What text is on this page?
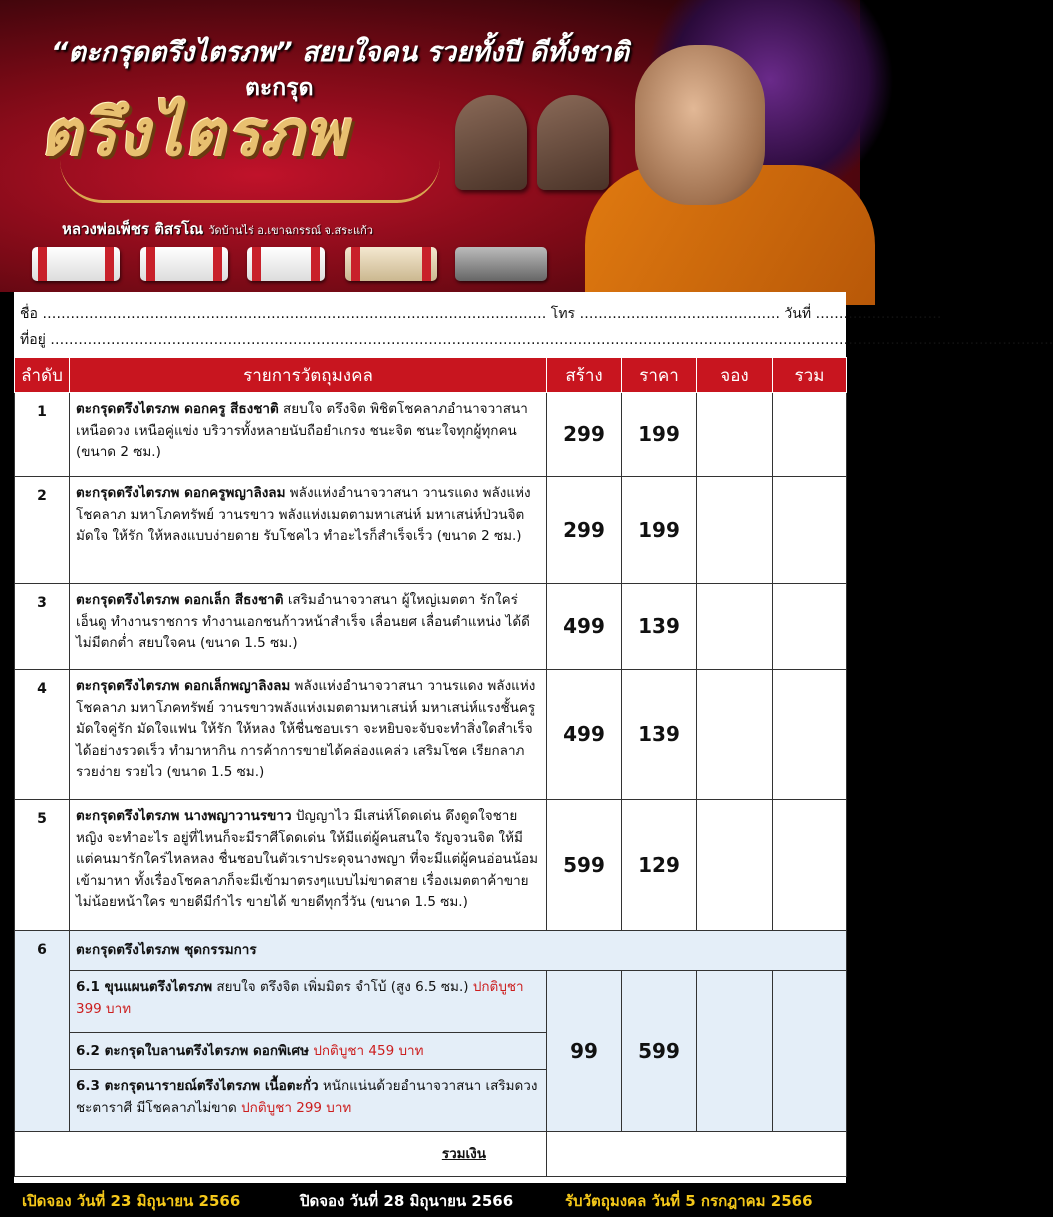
“ตะกรุดตรึงไตรภพ” สยบใจคน รวยทั้งปี ดีทั้งชาติ
ตะกรุด
ตรึงไตรภพ
หลวงพ่อเพ็ชร ติสรโณ วัดบ้านไร่ อ.เขาฉกรรณ์ จ.สระแก้ว
ชื่อ ……………………………………………………………………………………………… โทร ……………………………………. วันที่ ………………………
ที่อยู่ ……………………………………………………………………………………………………………………………………………………………………………………………..
ลำดับ	รายการวัตถุมงคล	สร้าง	ราคา	จอง	รวม
1	ตะกรุดตรึงไตรภพ ดอกครู สีธงชาติ สยบใจ ตรึงจิต พิชิตโชคลาภอำนาจวาสนาเหนือดวง เหนือคู่แข่ง บริวารทั้งหลายนับถือยำเกรง ชนะจิต ชนะใจทุกผู้ทุกคน (ขนาด 2 ซม.)	299	199		
2	ตะกรุดตรึงไตรภพ ดอกครูพญาลิงลม พลังแห่งอำนาจวาสนา วานรแดง พลังแห่งโชคลาภ มหาโภคทรัพย์ วานรขาว พลังแห่งเมตตามหาเสน่ห์ มหาเสน่ห์ป่วนจิต มัดใจ ให้รัก ให้หลงแบบง่ายดาย รับโชคไว ทำอะไรก็สำเร็จเร็ว (ขนาด 2 ซม.)	299	199		
3	ตะกรุดตรึงไตรภพ ดอกเล็ก สีธงชาติ เสริมอำนาจวาสนา ผู้ใหญ่เมตตา รักใคร่เอ็นดู ทำงานราชการ ทำงานเอกชนก้าวหน้าสำเร็จ เลื่อนยศ เลื่อนตำแหน่ง ได้ดีไม่มีตกต่ำ สยบใจคน (ขนาด 1.5 ซม.)	499	139		
4	ตะกรุดตรึงไตรภพ ดอกเล็กพญาลิงลม พลังแห่งอำนาจวาสนา วานรแดง พลังแห่งโชคลาภ มหาโภคทรัพย์ วานรขาวพลังแห่งเมตตามหาเสน่ห์ มหาเสน่ห์แรงชั้นครู มัดใจคู่รัก มัดใจแฟน ให้รัก ให้หลง ให้ชื่นชอบเรา จะหยิบจะจับจะทำสิ่งใดสำเร็จได้อย่างรวดเร็ว ทำมาหากิน การค้าการขายได้คล่องแคล่ว เสริมโชค เรียกลาภ รวยง่าย รวยไว (ขนาด 1.5 ซม.)	499	139		
5	ตะกรุดตรึงไตรภพ นางพญาวานรขาว ปัญญาไว มีเสน่ห์โดดเด่น ดึงดูดใจชายหญิง จะทำอะไร อยู่ที่ไหนก็จะมีราศีโดดเด่น ให้มีแต่ผู้คนสนใจ รัญจวนจิต ให้มีแต่คนมารักใคร่ไหลหลง ชื่นชอบในตัวเราประดุจนางพญา ที่จะมีแต่ผู้คนอ่อนน้อมเข้ามาหา ทั้งเรื่องโชคลาภก็จะมีเข้ามาตรงๆแบบไม่ขาดสาย เรื่องเมตตาค้าขายไม่น้อยหน้าใคร ขายดีมีกำไร ขายได้ ขายดีทุกวี่วัน (ขนาด 1.5 ซม.)	599	129		
6	ตะกรุดตรึงไตรภพ ชุดกรรมการ				
	6.1 ขุนแผนตรึงไตรภพ สยบใจ ตรึงจิต เพิ่มมิตร จำโบ้ (สูง 6.5 ซม.) ปกติบูชา 399 บาท	99	599		
	6.2 ตะกรุดใบลานตรึงไตรภพ ดอกพิเศษ ปกติบูชา 459 บาท				
	6.3 ตะกรุดนารายณ์ตรึงไตรภพ เนื้อตะกั่ว หนักแน่นด้วยอำนาจวาสนา เสริมดวงชะตาราศี มีโชคลาภไม่ขาด ปกติบูชา 299 บาท				
รวมเงิน					
เปิดจอง วันที่ 23 มิถุนายน 2566	ปิดจอง วันที่ 28 มิถุนายน 2566	รับวัตถุมงคล วันที่ 5 กรกฎาคม 2566
